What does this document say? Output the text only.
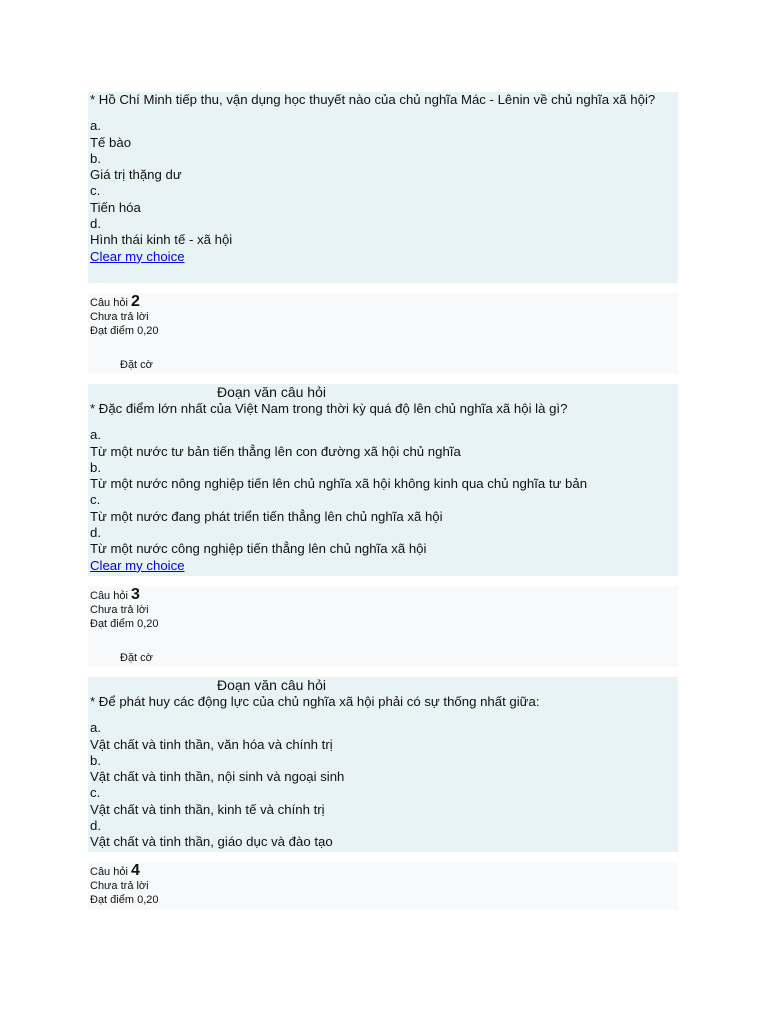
* Hồ Chí Minh tiếp thu, vận dụng học thuyết nào của chủ nghĩa Mác - Lênin về chủ nghĩa xã hội?
a.
Tế bào
b.
Giá trị thặng dư
c.
Tiến hóa
d.
Hình thái kinh tế - xã hội
Clear my choice
Câu hỏi 2
Chưa trả lời
Đạt điểm 0,20
Đặt cờ
Đoạn văn câu hỏi
* Đặc điểm lớn nhất của Việt Nam trong thời kỳ quá độ lên chủ nghĩa xã hội là gì?
a.
Từ một nước tư bản tiến thẳng lên con đường xã hội chủ nghĩa
b.
Từ một nước nông nghiệp tiến lên chủ nghĩa xã hội không kinh qua chủ nghĩa tư bản
c.
Từ một nước đang phát triển tiến thẳng lên chủ nghĩa xã hội
d.
Từ một nước công nghiệp tiến thẳng lên chủ nghĩa xã hội
Clear my choice
Câu hỏi 3
Chưa trả lời
Đạt điểm 0,20
Đặt cờ
Đoạn văn câu hỏi
* Để phát huy các động lực của chủ nghĩa xã hội phải có sự thống nhất giữa:
a.
Vật chất và tinh thần, văn hóa và chính trị
b.
Vật chất và tinh thần, nội sinh và ngoại sinh
c.
Vật chất và tinh thần, kinh tế và chính trị
d.
Vật chất và tinh thần, giáo dục và đào tạo
Câu hỏi 4
Chưa trả lời
Đạt điểm 0,20
